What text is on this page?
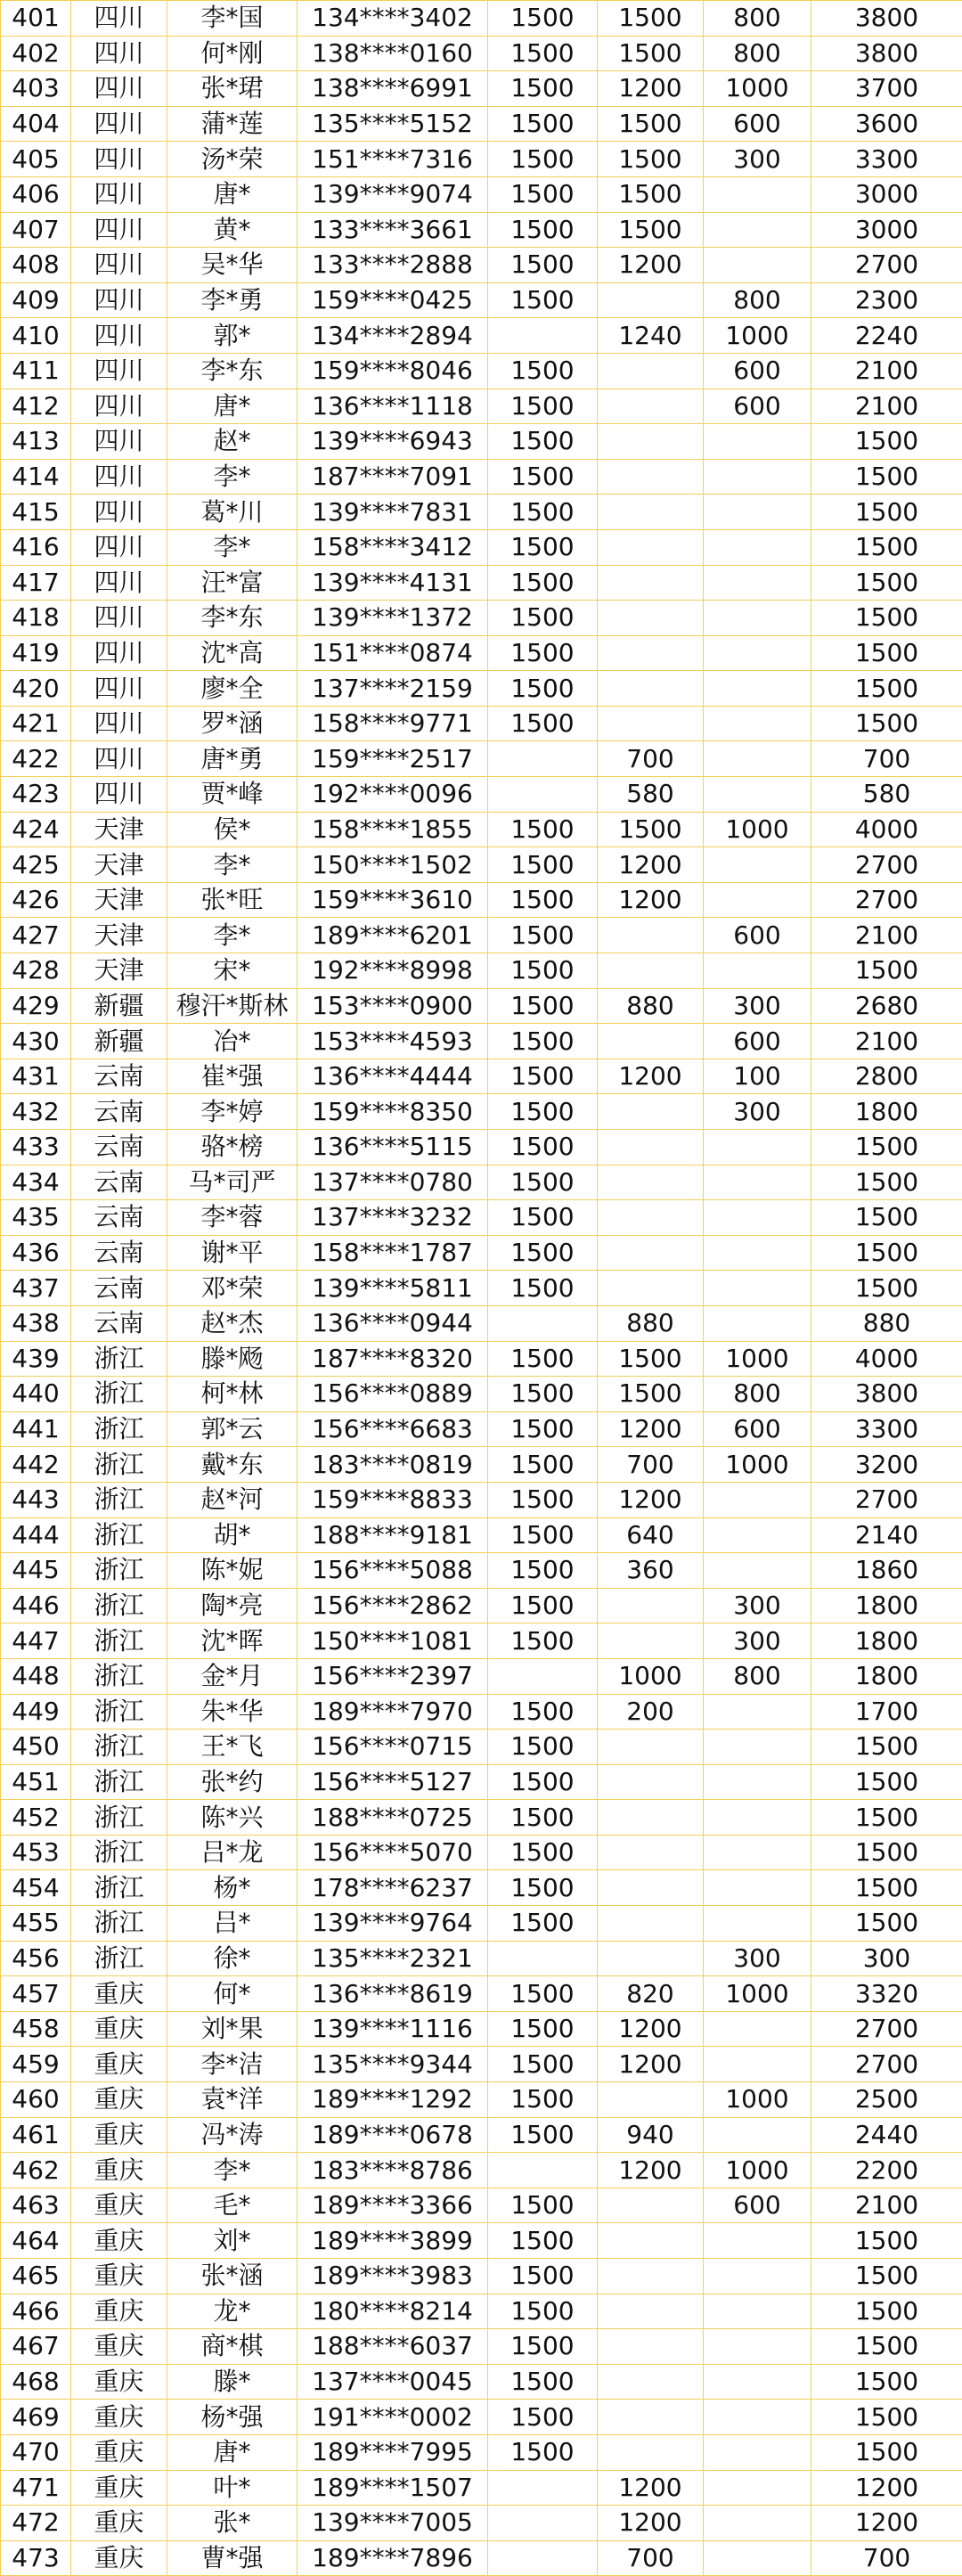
401	四川	李*国	134****3402	1500	1500	800	3800
402	四川	何*刚	138****0160	1500	1500	800	3800
403	四川	张*珺	138****6991	1500	1200	1000	3700
404	四川	蒲*莲	135****5152	1500	1500	600	3600
405	四川	汤*荣	151****7316	1500	1500	300	3300
406	四川	唐*	139****9074	1500	1500		3000
407	四川	黄*	133****3661	1500	1500		3000
408	四川	吴*华	133****2888	1500	1200		2700
409	四川	李*勇	159****0425	1500		800	2300
410	四川	郭*	134****2894		1240	1000	2240
411	四川	李*东	159****8046	1500		600	2100
412	四川	唐*	136****1118	1500		600	2100
413	四川	赵*	139****6943	1500			1500
414	四川	李*	187****7091	1500			1500
415	四川	葛*川	139****7831	1500			1500
416	四川	李*	158****3412	1500			1500
417	四川	汪*富	139****4131	1500			1500
418	四川	李*东	139****1372	1500			1500
419	四川	沈*高	151****0874	1500			1500
420	四川	廖*全	137****2159	1500			1500
421	四川	罗*涵	158****9771	1500			1500
422	四川	唐*勇	159****2517		700		700
423	四川	贾*峰	192****0096		580		580
424	天津	侯*	158****1855	1500	1500	1000	4000
425	天津	李*	150****1502	1500	1200		2700
426	天津	张*旺	159****3610	1500	1200		2700
427	天津	李*	189****6201	1500		600	2100
428	天津	宋*	192****8998	1500			1500
429	新疆	穆汗*斯林	153****0900	1500	880	300	2680
430	新疆	冶*	153****4593	1500		600	2100
431	云南	崔*强	136****4444	1500	1200	100	2800
432	云南	李*婷	159****8350	1500		300	1800
433	云南	骆*榜	136****5115	1500			1500
434	云南	马*司严	137****0780	1500			1500
435	云南	李*蓉	137****3232	1500			1500
436	云南	谢*平	158****1787	1500			1500
437	云南	邓*荣	139****5811	1500			1500
438	云南	赵*杰	136****0944		880		880
439	浙江	滕*飏	187****8320	1500	1500	1000	4000
440	浙江	柯*林	156****0889	1500	1500	800	3800
441	浙江	郭*云	156****6683	1500	1200	600	3300
442	浙江	戴*东	183****0819	1500	700	1000	3200
443	浙江	赵*河	159****8833	1500	1200		2700
444	浙江	胡*	188****9181	1500	640		2140
445	浙江	陈*妮	156****5088	1500	360		1860
446	浙江	陶*亮	156****2862	1500		300	1800
447	浙江	沈*晖	150****1081	1500		300	1800
448	浙江	金*月	156****2397		1000	800	1800
449	浙江	朱*华	189****7970	1500	200		1700
450	浙江	王*飞	156****0715	1500			1500
451	浙江	张*约	156****5127	1500			1500
452	浙江	陈*兴	188****0725	1500			1500
453	浙江	吕*龙	156****5070	1500			1500
454	浙江	杨*	178****6237	1500			1500
455	浙江	吕*	139****9764	1500			1500
456	浙江	徐*	135****2321			300	300
457	重庆	何*	136****8619	1500	820	1000	3320
458	重庆	刘*果	139****1116	1500	1200		2700
459	重庆	李*洁	135****9344	1500	1200		2700
460	重庆	袁*洋	189****1292	1500		1000	2500
461	重庆	冯*涛	189****0678	1500	940		2440
462	重庆	李*	183****8786		1200	1000	2200
463	重庆	毛*	189****3366	1500		600	2100
464	重庆	刘*	189****3899	1500			1500
465	重庆	张*涵	189****3983	1500			1500
466	重庆	龙*	180****8214	1500			1500
467	重庆	商*棋	188****6037	1500			1500
468	重庆	滕*	137****0045	1500			1500
469	重庆	杨*强	191****0002	1500			1500
470	重庆	唐*	189****7995	1500			1500
471	重庆	叶*	189****1507		1200		1200
472	重庆	张*	139****7005		1200		1200
473	重庆	曹*强	189****7896		700		700
